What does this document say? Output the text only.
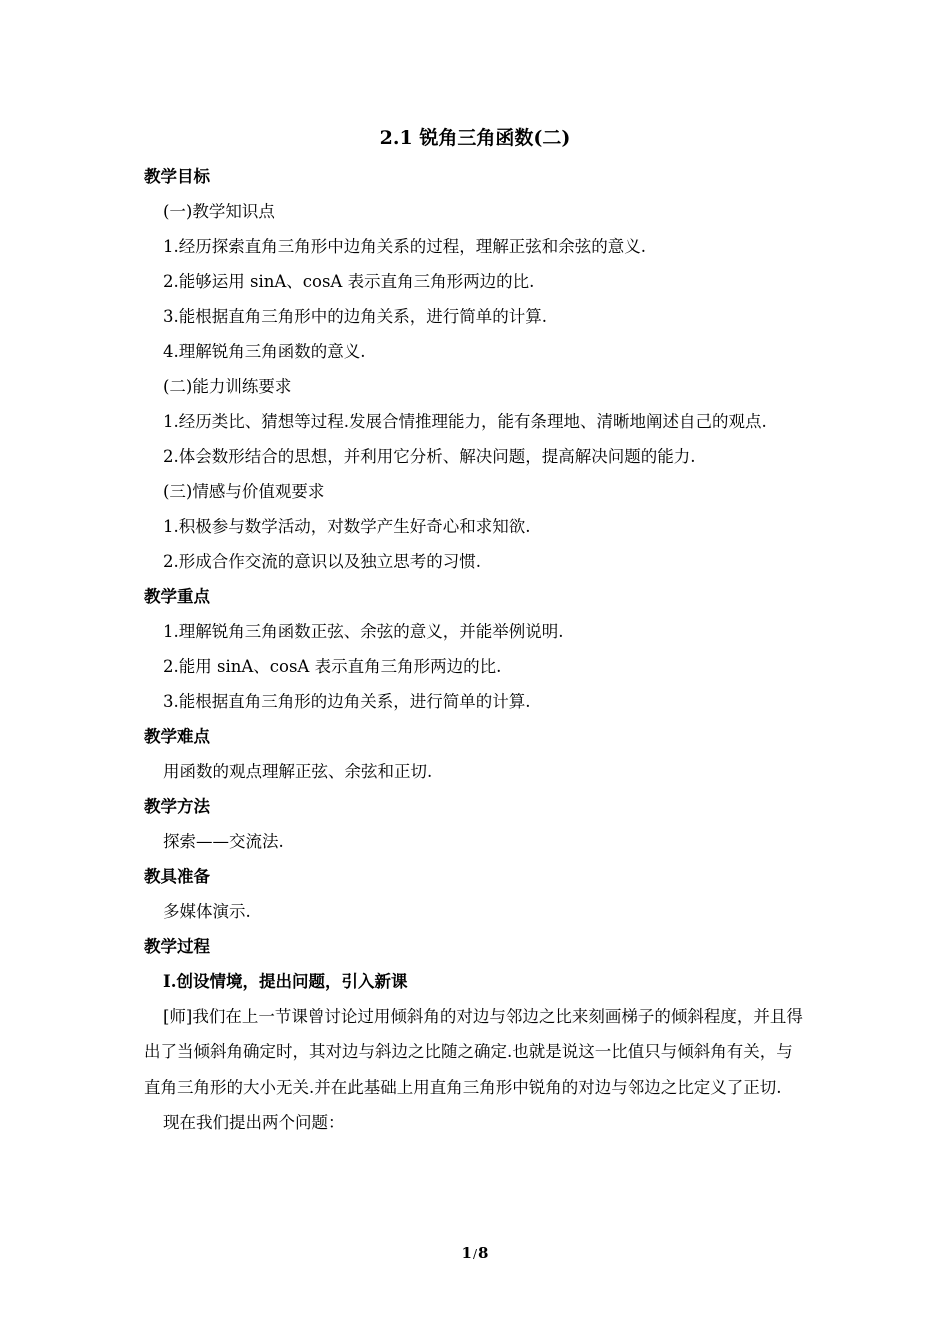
2.1 锐角三角函数(二)
教学目标
(一)教学知识点
1.经历探索直角三角形中边角关系的过程，理解正弦和余弦的意义.
2.能够运用 sinA、cosA 表示直角三角形两边的比.
3.能根据直角三角形中的边角关系，进行简单的计算.
4.理解锐角三角函数的意义.
(二)能力训练要求
1.经历类比、猜想等过程.发展合情推理能力，能有条理地、清晰地阐述自己的观点.
2.体会数形结合的思想，并利用它分析、解决问题，提高解决问题的能力.
(三)情感与价值观要求
1.积极参与数学活动，对数学产生好奇心和求知欲.
2.形成合作交流的意识以及独立思考的习惯.
教学重点
1.理解锐角三角函数正弦、余弦的意义，并能举例说明.
2.能用 sinA、cosA 表示直角三角形两边的比.
3.能根据直角三角形的边角关系，进行简单的计算.
教学难点
用函数的观点理解正弦、余弦和正切.
教学方法
探索——交流法.
教具准备
多媒体演示.
教学过程
Ⅰ.创设情境，提出问题，引入新课
[师]我们在上一节课曾讨论过用倾斜角的对边与邻边之比来刻画梯子的倾斜程度，并且得出了当倾斜角确定时，其对边与斜边之比随之确定.也就是说这一比值只与倾斜角有关，与直角三角形的大小无关.并在此基础上用直角三角形中锐角的对边与邻边之比定义了正切.
现在我们提出两个问题：
1/8
